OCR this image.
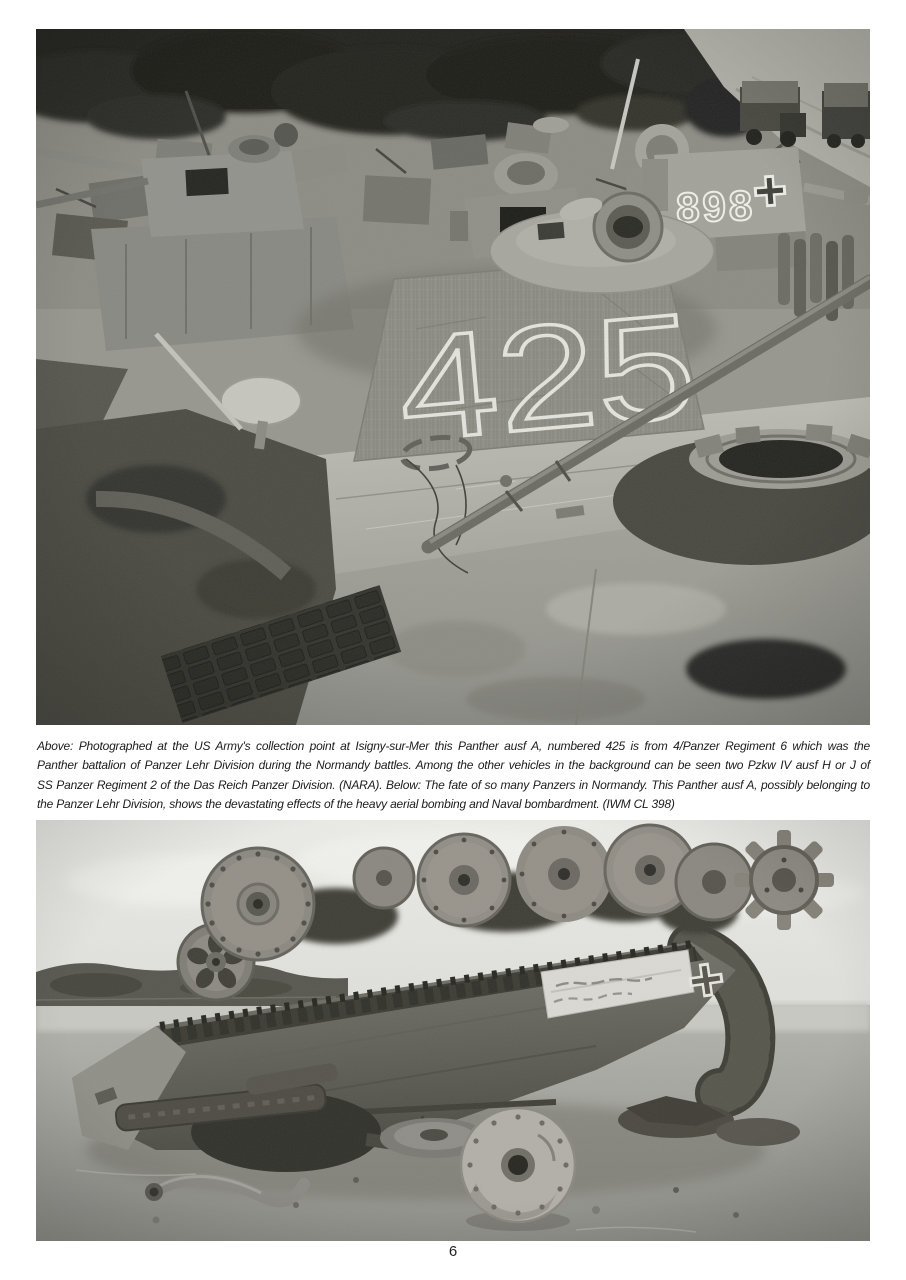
Above: Photographed at the US Army's collection point at Isigny-sur-Mer this Panther ausf A, numbered 425 is from 4/Panzer Regiment 6 which was the
Panther battalion of Panzer Lehr Division during the Normandy battles. Among the other vehicles in the background can be seen two Pzkw IV ausf H or J of
SS Panzer Regiment 2 of the Das Reich Panzer Division. (NARA). Below: The fate of so many Panzers in Normandy. This Panther ausf A, possibly belonging to
the Panzer Lehr Division, shows the devastating effects of the heavy aerial bombing and Naval bombardment. (IWM CL 398)
6
